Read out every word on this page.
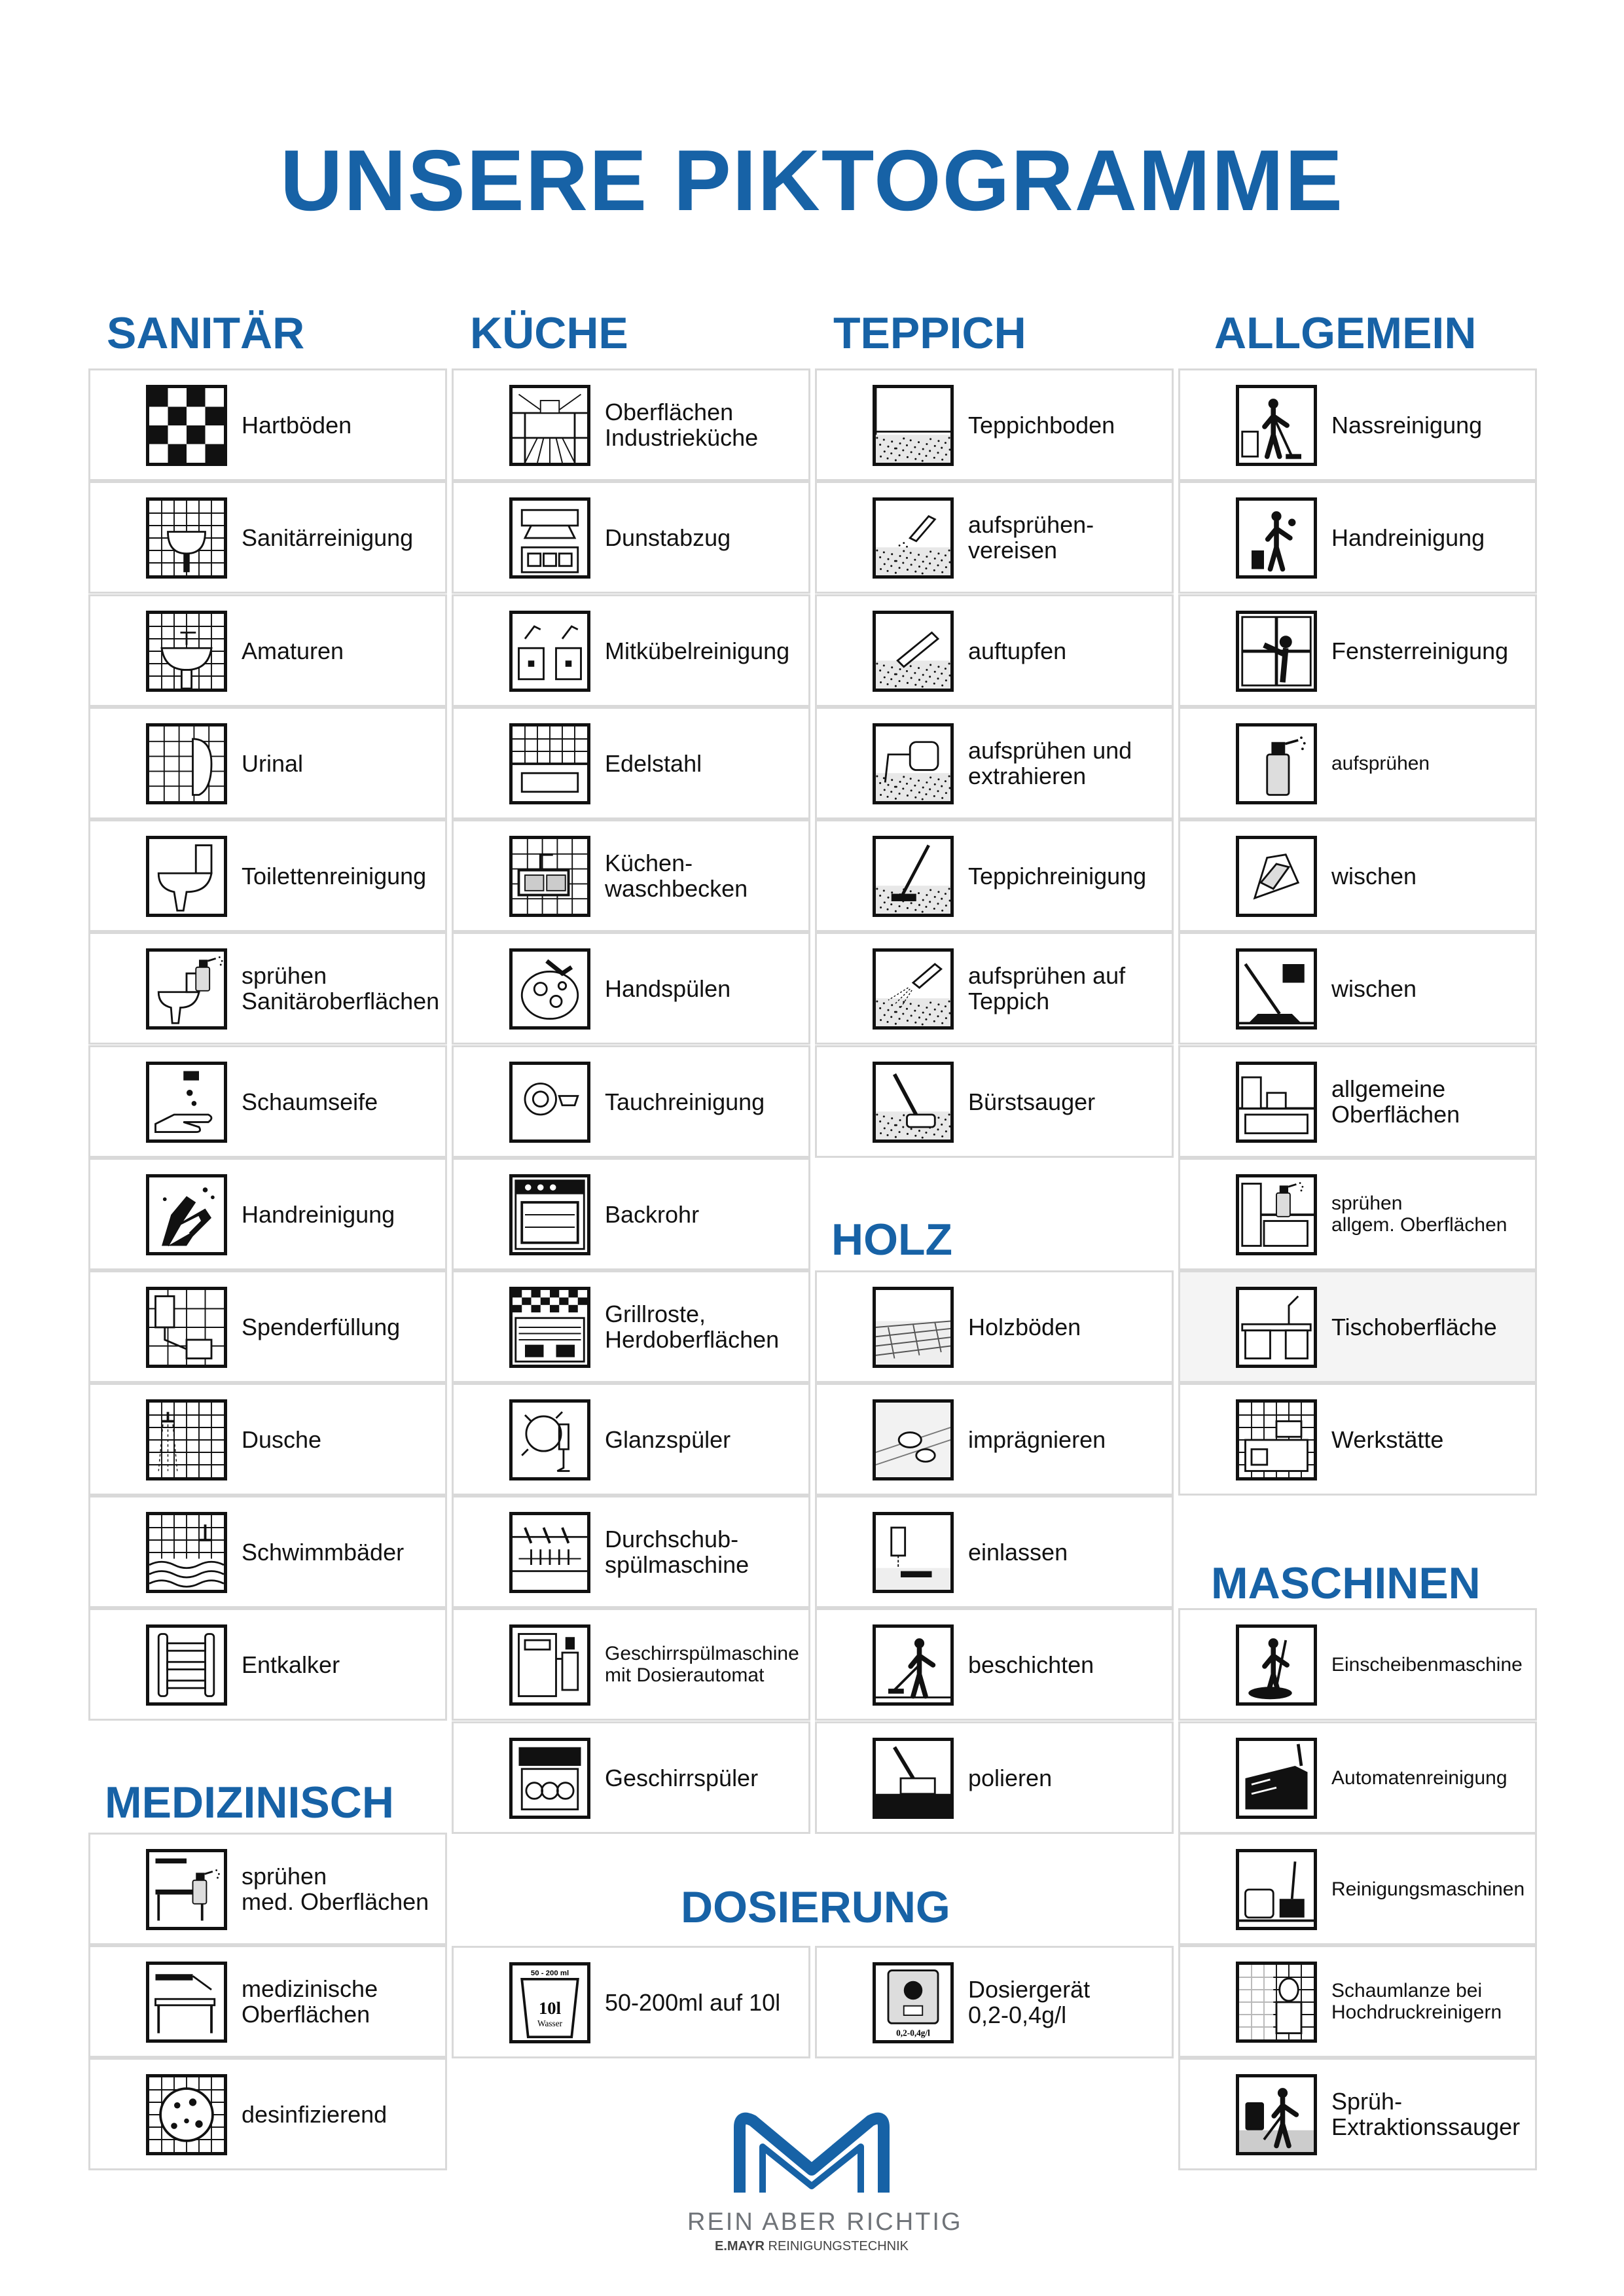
UNSERE PIKTOGRAMME
SANITÄR
MEDIZINISCH
KÜCHE	TEPPICH
HOLZ
DOSIERUNG
ALLGEMEIN
MASCHINEN
Hartböden
Sanitärreinigung
Amaturen
Urinal
Toilettenreinigung
sprühen
Sanitäroberflächen
Schaumseife
Handreinigung
Spenderfüllung
Dusche
Schwimmbäder
Entkalker
sprühen
med. Oberflächen
medizinische
Oberflächen
desinfizierend
Oberflächen
Industrieküche
Dunstabzug
Mitkübelreinigung
Edelstahl
Küchen-
waschbecken
Handspülen
Tauchreinigung
Backrohr
Grillroste,
Herdoberflächen
Glanzspüler
Durchschub-
spülmaschine
Geschirrspülmaschine
mit Dosierautomat
Geschirrspüler
Teppichboden
aufsprühen-
vereisen
auftupfen
aufsprühen und
extrahieren
Teppichreinigung
aufsprühen auf
Teppich
Bürstsauger
Holzböden
imprägnieren
einlassen
beschichten
polieren
50 - 200 ml
10l
Wasser
50-200ml auf 10l
0,2-0,4g/l
Dosiergerät
0,2-0,4g/l
Nassreinigung
Handreinigung
Fensterreinigung
aufsprühen
wischen
wischen
allgemeine
Oberflächen
sprühen
allgem. Oberflächen
Tischoberfläche
Werkstätte
Einscheibenmaschine
Automatenreinigung
Reinigungsmaschinen
Schaumlanze bei
Hochdruckreinigern
Sprüh-
Extraktionssauger
REIN ABER RICHTIG
E.MAYR REINIGUNGSTECHNIK
